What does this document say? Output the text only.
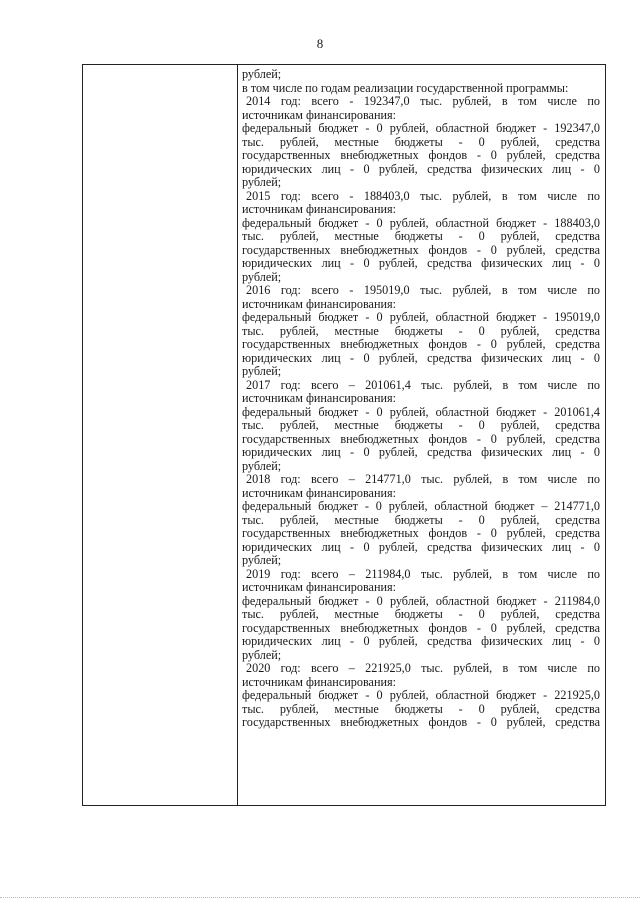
8
рублей;
в том числе по годам реализации государственной программы:
2014 год: всего - 192347,0 тыс. рублей, в том числе по
источникам финансирования:
федеральный бюджет - 0 рублей, областной бюджет - 192347,0
тыс. рублей, местные бюджеты - 0 рублей, средства
государственных внебюджетных фондов - 0 рублей, средства
юридических лиц - 0 рублей, средства физических лиц - 0
рублей;
2015 год: всего - 188403,0 тыс. рублей, в том числе по
источникам финансирования:
федеральный бюджет - 0 рублей, областной бюджет - 188403,0
тыс. рублей, местные бюджеты - 0 рублей, средства
государственных внебюджетных фондов - 0 рублей, средства
юридических лиц - 0 рублей, средства физических лиц - 0
рублей;
2016 год: всего - 195019,0 тыс. рублей, в том числе по
источникам финансирования:
федеральный бюджет - 0 рублей, областной бюджет - 195019,0
тыс. рублей, местные бюджеты - 0 рублей, средства
государственных внебюджетных фондов - 0 рублей, средства
юридических лиц - 0 рублей, средства физических лиц - 0
рублей;
2017 год: всего – 201061,4 тыс. рублей, в том числе по
источникам финансирования:
федеральный бюджет - 0 рублей, областной бюджет - 201061,4
тыс. рублей, местные бюджеты - 0 рублей, средства
государственных внебюджетных фондов - 0 рублей, средства
юридических лиц - 0 рублей, средства физических лиц - 0
рублей;
2018 год: всего – 214771,0 тыс. рублей, в том числе по
источникам финансирования:
федеральный бюджет - 0 рублей, областной бюджет – 214771,0
тыс. рублей, местные бюджеты - 0 рублей, средства
государственных внебюджетных фондов - 0 рублей, средства
юридических лиц - 0 рублей, средства физических лиц - 0
рублей;
2019 год: всего – 211984,0 тыс. рублей, в том числе по
источникам финансирования:
федеральный бюджет - 0 рублей, областной бюджет - 211984,0
тыс. рублей, местные бюджеты - 0 рублей, средства
государственных внебюджетных фондов - 0 рублей, средства
юридических лиц - 0 рублей, средства физических лиц - 0
рублей;
2020 год: всего – 221925,0 тыс. рублей, в том числе по
источникам финансирования:
федеральный бюджет - 0 рублей, областной бюджет - 221925,0
тыс. рублей, местные бюджеты - 0 рублей, средства
государственных внебюджетных фондов - 0 рублей, средства
